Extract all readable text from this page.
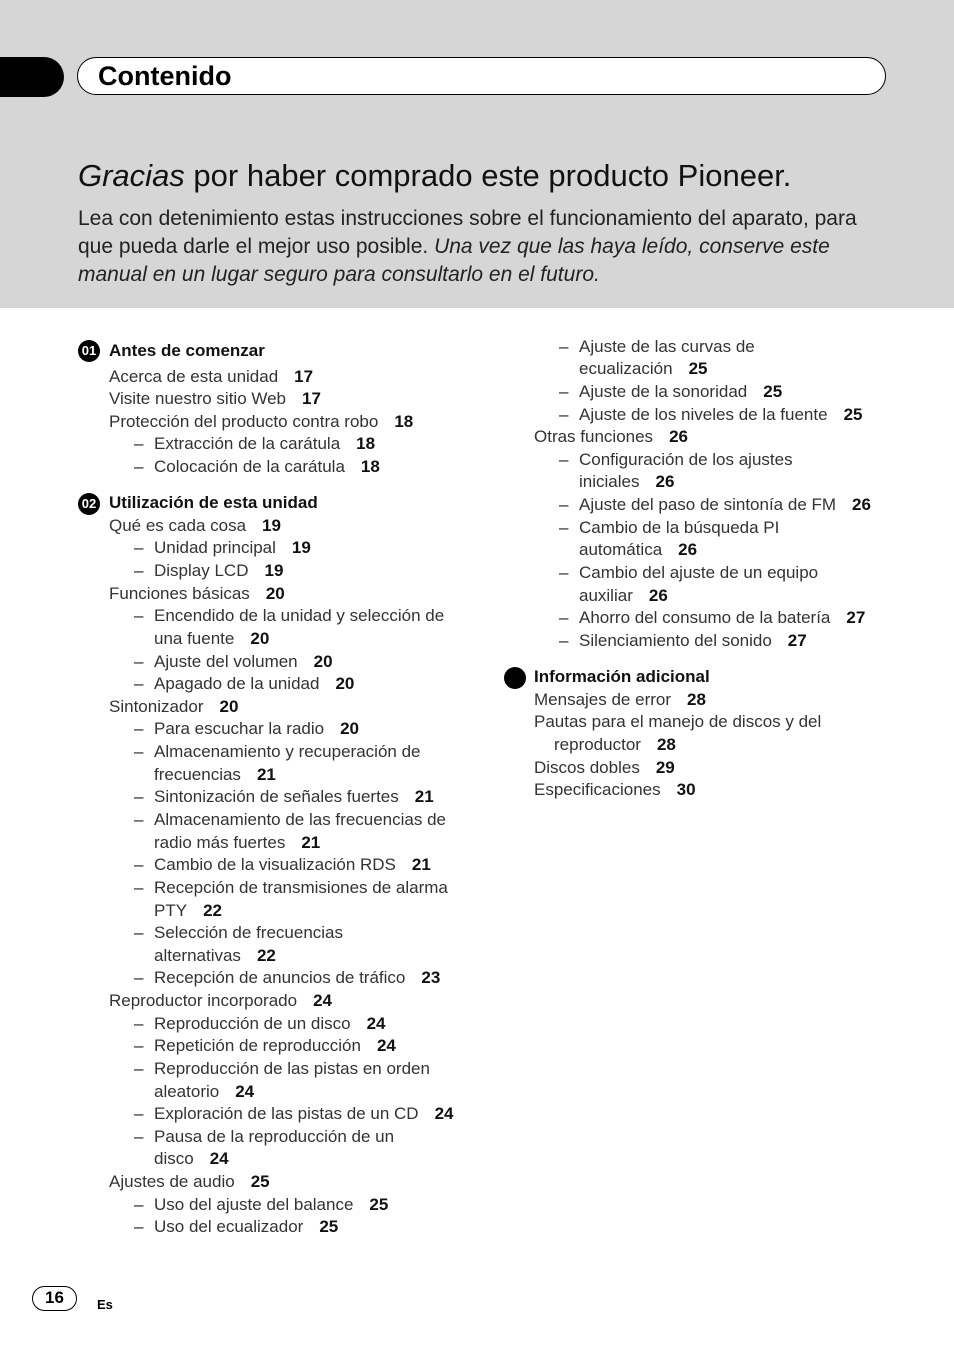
Contenido
Gracias por haber comprado este producto Pioneer.
Lea con detenimiento estas instrucciones sobre el funcionamiento del aparato, para que pueda darle el mejor uso posible. Una vez que las haya leído, conserve este manual en un lugar seguro para consultarlo en el futuro.
01 Antes de comenzar
Acerca de esta unidad 17
Visite nuestro sitio Web 17
Protección del producto contra robo 18
– Extracción de la carátula 18
– Colocación de la carátula 18
02 Utilización de esta unidad
Qué es cada cosa 19
– Unidad principal 19
– Display LCD 19
Funciones básicas 20
– Encendido de la unidad y selección de
una fuente 20
– Ajuste del volumen 20
– Apagado de la unidad 20
Sintonizador 20
– Para escuchar la radio 20
– Almacenamiento y recuperación de
frecuencias 21
– Sintonización de señales fuertes 21
– Almacenamiento de las frecuencias de
radio más fuertes 21
– Cambio de la visualización RDS 21
– Recepción de transmisiones de alarma
PTY 22
– Selección de frecuencias
alternativas 22
– Recepción de anuncios de tráfico 23
Reproductor incorporado 24
– Reproducción de un disco 24
– Repetición de reproducción 24
– Reproducción de las pistas en orden
aleatorio 24
– Exploración de las pistas de un CD 24
– Pausa de la reproducción de un
disco 24
Ajustes de audio 25
– Uso del ajuste del balance 25
– Uso del ecualizador 25
– Ajuste de las curvas de
ecualización 25
– Ajuste de la sonoridad 25
– Ajuste de los niveles de la fuente 25
Otras funciones 26
– Configuración de los ajustes
iniciales 26
– Ajuste del paso de sintonía de FM 26
– Cambio de la búsqueda PI
automática 26
– Cambio del ajuste de un equipo
auxiliar 26
– Ahorro del consumo de la batería 27
– Silenciamiento del sonido 27
Información adicional
Mensajes de error 28
Pautas para el manejo de discos y del
reproductor 28
Discos dobles 29
Especificaciones 30
16	Es
